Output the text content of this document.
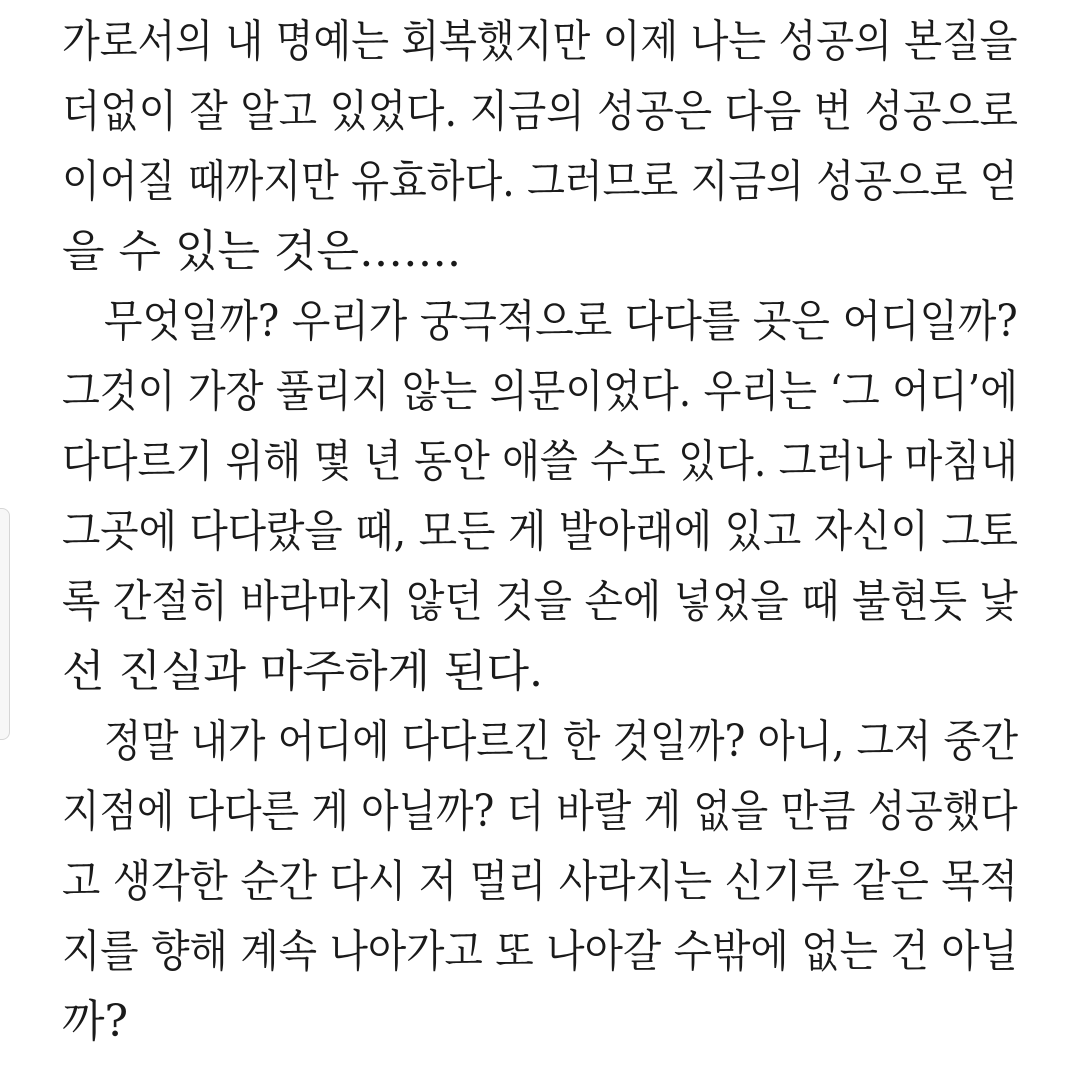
가로서의 내 명예는 회복했지만 이제 나는 성공의 본질을
더없이 잘 알고 있었다. 지금의 성공은 다음 번 성공으로
이어질 때까지만 유효하다. 그러므로 지금의 성공으로 얻
을 수 있는 것은…….
무엇일까? 우리가 궁극적으로 다다를 곳은 어디일까?
그것이 가장 풀리지 않는 의문이었다. 우리는 ‘그 어디’에
다다르기 위해 몇 년 동안 애쓸 수도 있다. 그러나 마침내
그곳에 다다랐을 때, 모든 게 발아래에 있고 자신이 그토
록 간절히 바라마지 않던 것을 손에 넣었을 때 불현듯 낯
선 진실과 마주하게 된다.
정말 내가 어디에 다다르긴 한 것일까? 아니, 그저 중간
지점에 다다른 게 아닐까? 더 바랄 게 없을 만큼 성공했다
고 생각한 순간 다시 저 멀리 사라지는 신기루 같은 목적
지를 향해 계속 나아가고 또 나아갈 수밖에 없는 건 아닐
까?
